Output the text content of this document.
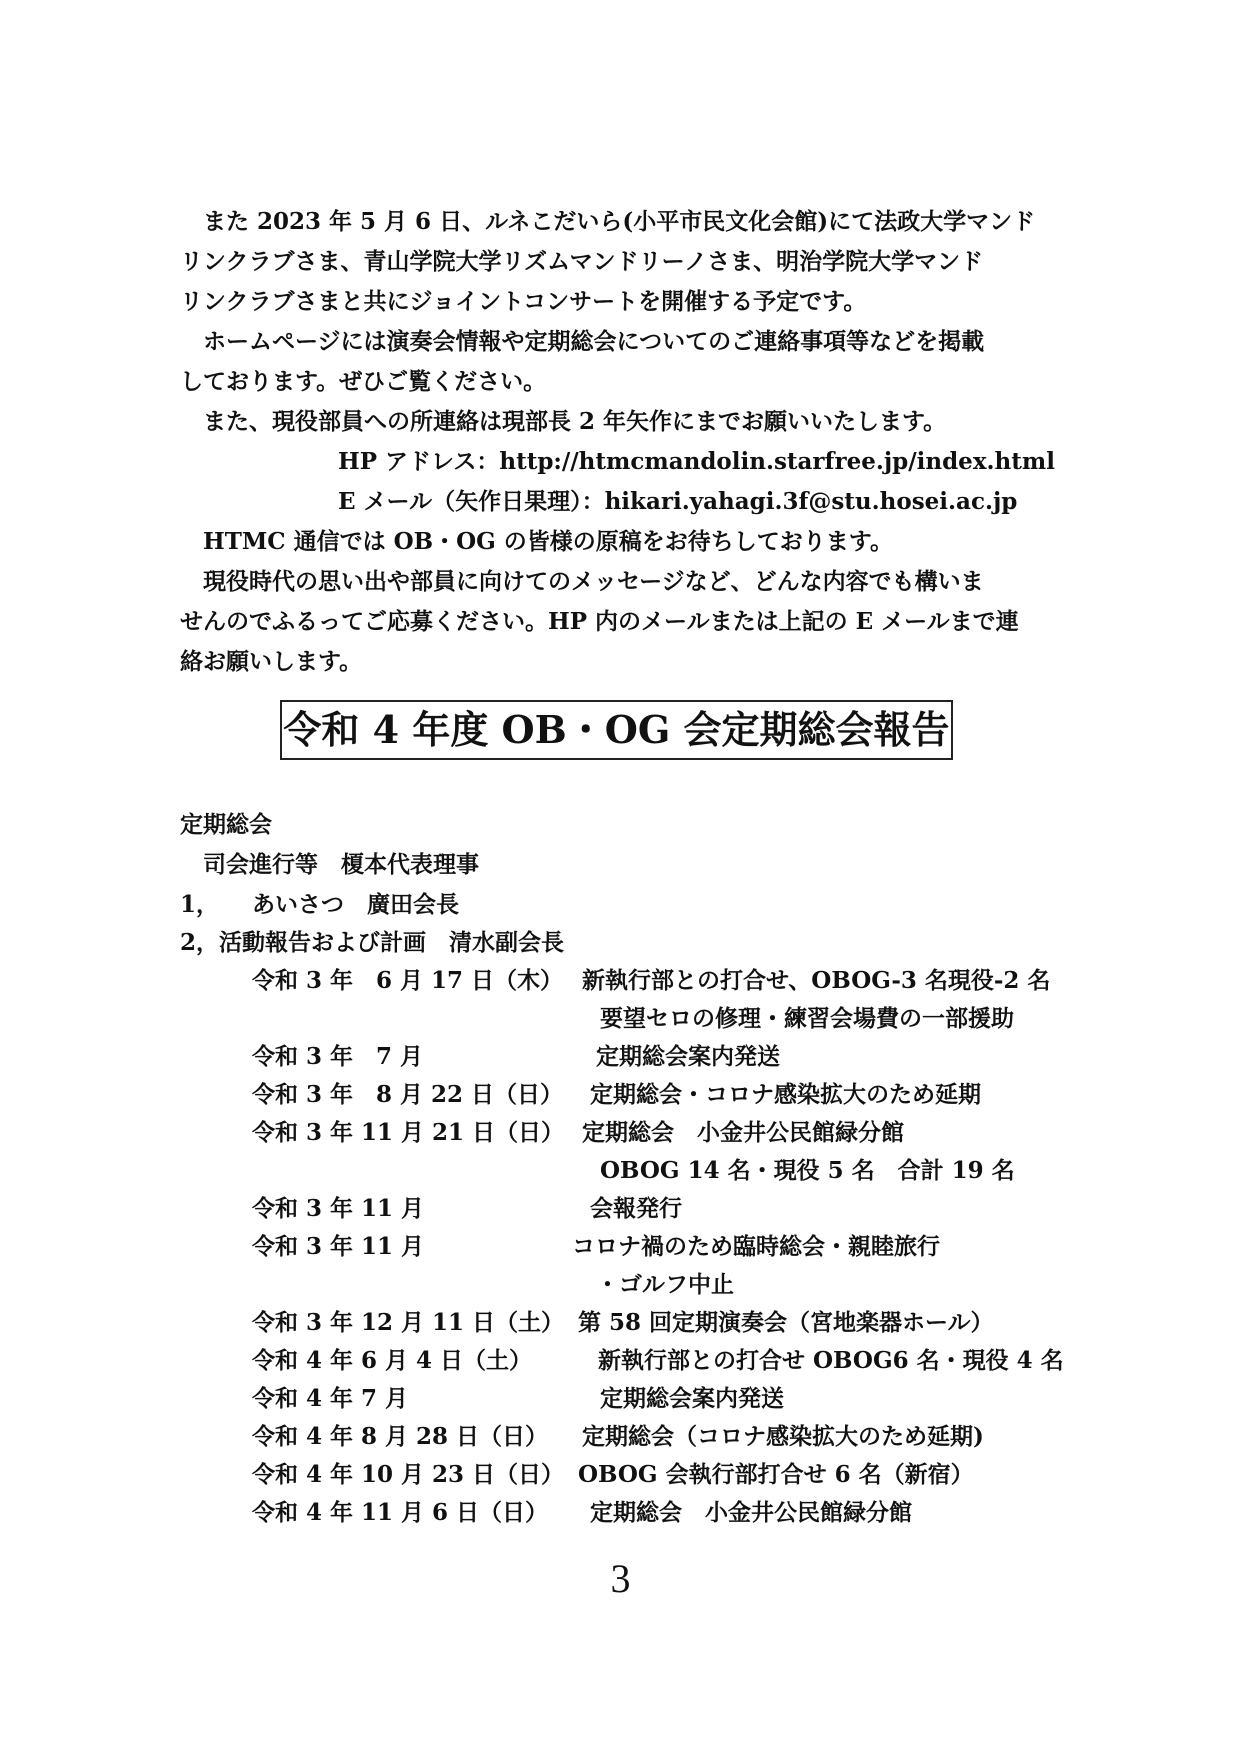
　また 2023 年 5 月 6 日、ルネこだいら(小平市民文化会館)にて法政大学マンド
リンクラブさま、青山学院大学リズムマンドリーノさま、明治学院大学マンド
リンクラブさまと共にジョイントコンサートを開催する予定です。
　ホームページには演奏会情報や定期総会についてのご連絡事項等などを掲載
しております。ぜひご覧ください。
　また、現役部員への所連絡は現部長 2 年矢作にまでお願いいたします。
HP アドレス：http://htmcmandolin.starfree.jp/index.html
E メール（矢作日果理）：hikari.yahagi.3f@stu.hosei.ac.jp
　HTMC 通信では OB・OG の皆様の原稿をお待ちしております。
　現役時代の思い出や部員に向けてのメッセージなど、どんな内容でも構いま
せんのでふるってご応募ください。HP 内のメールまたは上記の E メールまで連
絡お願いします。
令和 4 年度 OB・OG 会定期総会報告
定期総会
　司会進行等　榎本代表理事
1， あいさつ　廣田会長
2，活動報告および計画　清水副会長
令和 3 年　6 月 17 日（木） 新執行部との打合せ、OBOG-3 名現役-2 名
要望セロの修理・練習会場費の一部援助
令和 3 年　7 月	定期総会案内発送
令和 3 年　8 月 22 日（日） 定期総会・コロナ感染拡大のため延期
令和 3 年 11 月 21 日（日） 定期総会　小金井公民館緑分館
OBOG 14 名・現役 5 名　合計 19 名
令和 3 年 11 月	会報発行
令和 3 年 11 月	コロナ禍のため臨時総会・親睦旅行
・ゴルフ中止
令和 3 年 12 月 11 日（土） 第 58 回定期演奏会（宮地楽器ホール）
令和 4 年 6 月 4 日（土）	新執行部との打合せ OBOG6 名・現役 4 名
令和 4 年 7 月	定期総会案内発送
令和 4 年 8 月 28 日（日） 定期総会（コロナ感染拡大のため延期)
令和 4 年 10 月 23 日（日） OBOG 会執行部打合せ 6 名（新宿）
令和 4 年 11 月 6 日（日） 定期総会　小金井公民館緑分館
3
